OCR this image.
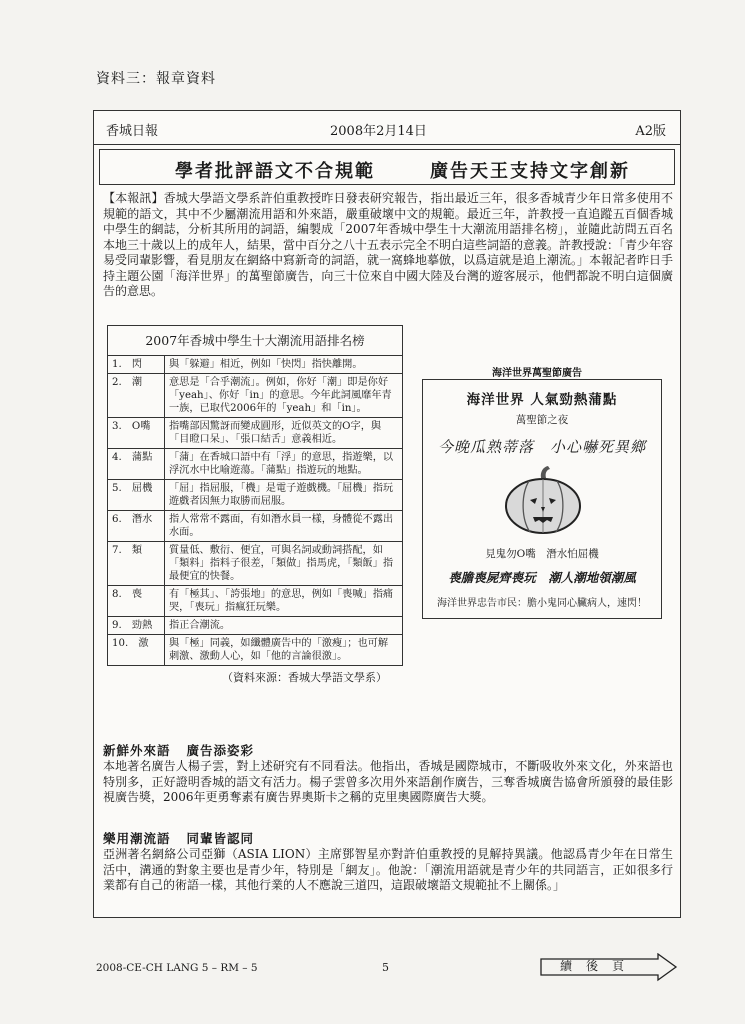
資料三：報章資料
香城日報	2008年2月14日	A2版
學者批評語文不合規範	廣告天王支持文字創新
【本報訊】香城大學語文學系許伯重教授昨日發表研究報告，指出最近三年，很多香城青少年日常多使用不規範的語文，其中不少屬潮流用語和外來語，嚴重破壞中文的規範。最近三年，許教授一直追蹤五百個香城中學生的網誌，分析其所用的詞語，編製成「2007年香城中學生十大潮流用語排名榜」，並隨此訪問五百名本地三十歲以上的成年人，結果，當中百分之八十五表示完全不明白這些詞語的意義。許教授說：「青少年容易受同輩影響，看見朋友在網絡中寫新奇的詞語，就一窩蜂地摹倣，以爲這就是追上潮流。」本報記者昨日手持主題公園「海洋世界」的萬聖節廣告，向三十位來自中國大陸及台灣的遊客展示，他們都說不明白這個廣告的意思。
2007年香城中學生十大潮流用語排名榜
1.　閃	與「躲避」相近，例如「快閃」指快離開。
2.　潮	意思是「合乎潮流」。例如，你好「潮」即是你好「yeah」、你好「in」的意思。今年此詞風靡年青一族，已取代2006年的「yeah」和「in」。
3.　O嘴	指嘴部因驚訝而變成圓形，近似英文的O字，與「目瞪口呆」、「張口結舌」意義相近。
4.　蒲點	「蒲」在香城口語中有「浮」的意思，指遊樂，以浮沉水中比喻遊蕩。「蒲點」指遊玩的地點。
5.　屈機	「屈」指屈服，「機」是電子遊戲機。「屈機」指玩遊戲者因無力取勝而屈服。
6.　潛水	指人常常不露面，有如潛水員一樣，身體從不露出水面。
7.　類	質量低、敷衍、便宜，可與名詞或動詞搭配，如「類料」指料子很差，「類做」指馬虎，「類飯」指最便宜的快餐。
8.　喪	有「極其」、「誇張地」的意思，例如「喪喊」指痛哭，「喪玩」指瘋狂玩樂。
9.　勁熱	指正合潮流。
10.　激	與「極」同義，如纖體廣告中的「激瘦」；也可解刺激、激動人心，如「他的言論很激」。
（資料來源：香城大學語文學系）
海洋世界萬聖節廣告
海洋世界 人氣勁熱蒲點
萬聖節之夜
今晚瓜熟蒂落　小心嚇死異鄉
見鬼勿O嘴　潛水怕屈機
喪膽喪屍齊喪玩　潮人潮地領潮風
海洋世界忠告市民：膽小鬼同心臟病人，速閃！
新鮮外來語 廣告添姿彩
本地著名廣告人楊子雲，對上述研究有不同看法。他指出，香城是國際城市，不斷吸收外來文化，外來語也特別多，正好證明香城的語文有活力。楊子雲曾多次用外來語創作廣告，三奪香城廣告協會所頒發的最佳影視廣告獎，2006年更勇奪素有廣告界奧斯卡之稱的克里奧國際廣告大獎。
樂用潮流語 同輩皆認同
亞洲著名網絡公司亞獅（ASIA LION）主席鄧智星亦對許伯重教授的見解持異議。他認爲青少年在日常生活中，溝通的對象主要也是青少年，特別是「網友」。他說：「潮流用語就是青少年的共同語言，正如很多行業都有自己的術語一樣，其他行業的人不應說三道四，這跟破壞語文規範扯不上關係。」
2008-CE-CH LANG 5 – RM – 5	5	續後頁
